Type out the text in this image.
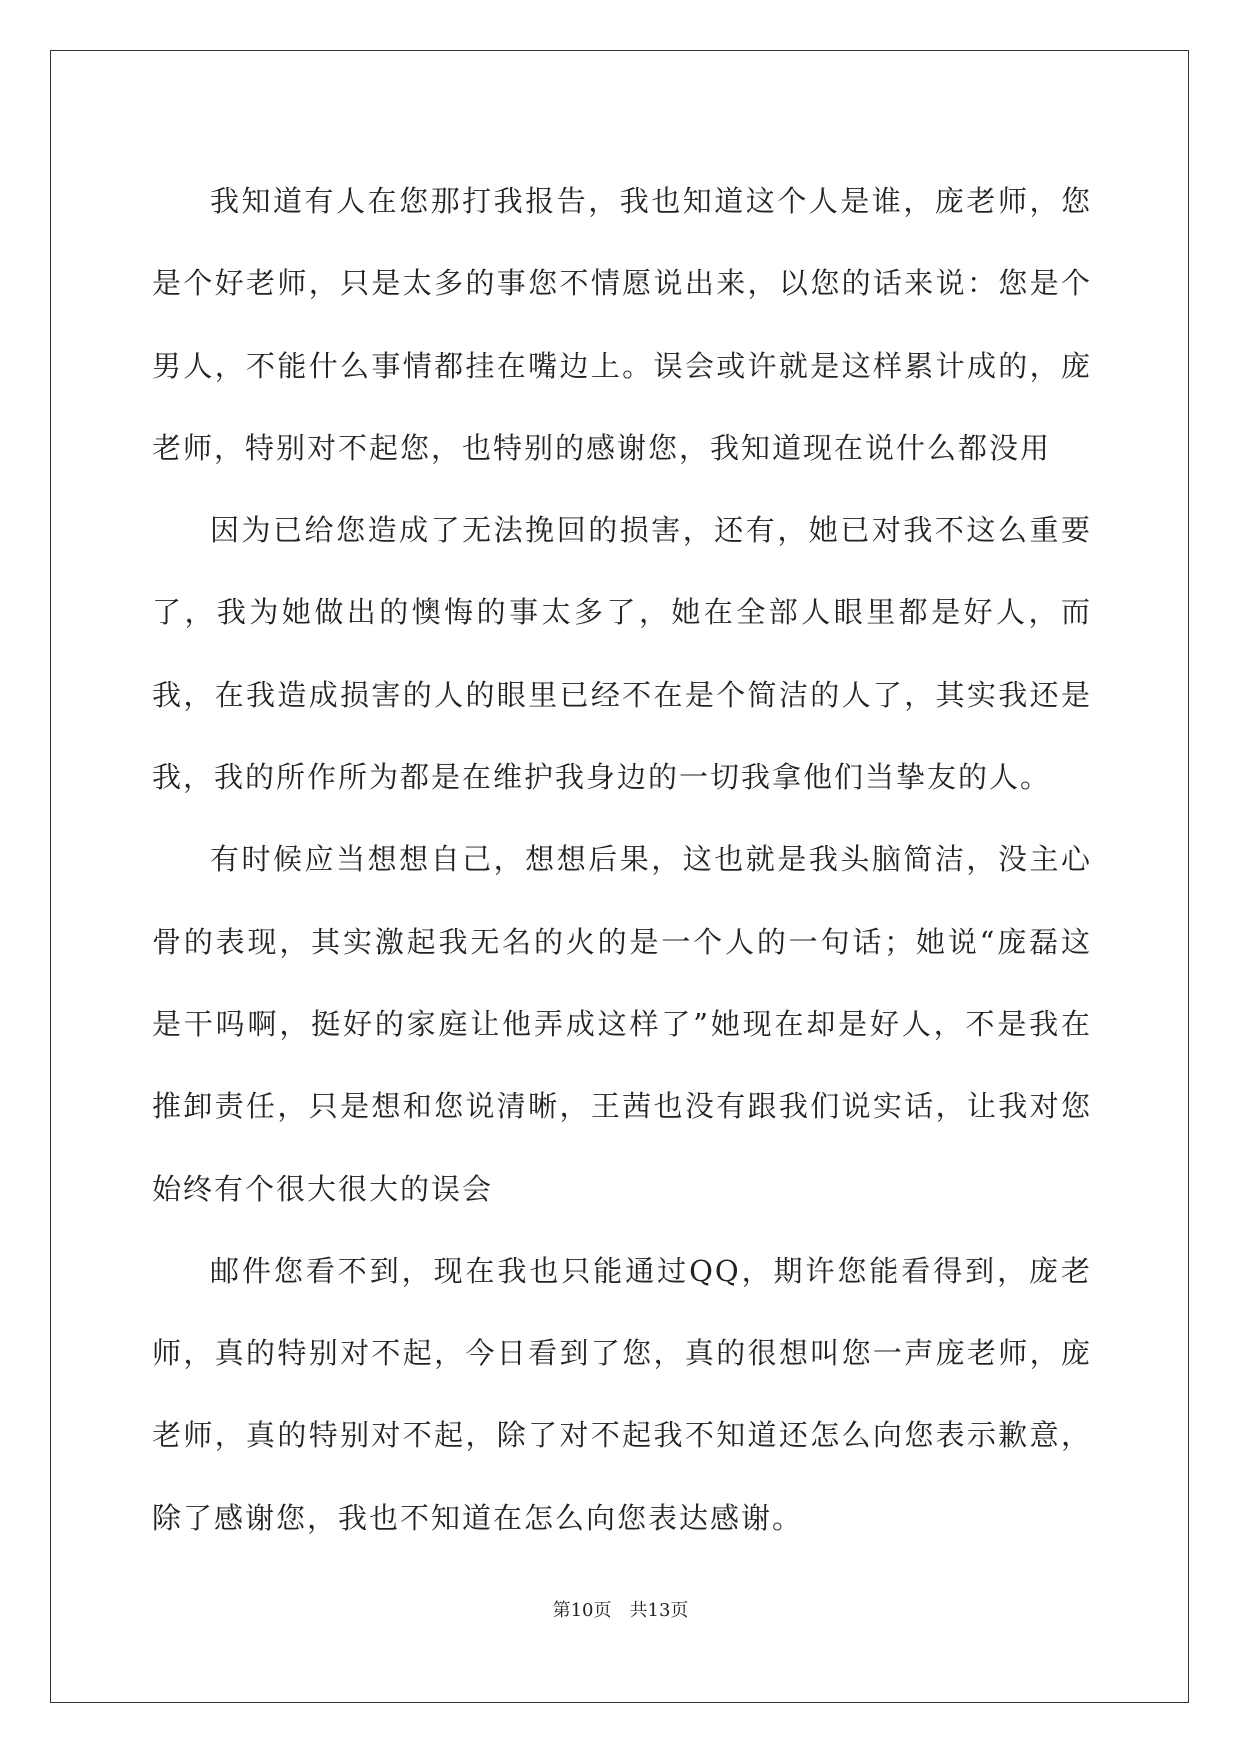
我知道有人在您那打我报告，我也知道这个人是谁，庞老师，您是个好老师，只是太多的事您不情愿说出来，以您的话来说：您是个男人，不能什么事情都挂在嘴边上。误会或许就是这样累计成的，庞老师，特别对不起您，也特别的感谢您，我知道现在说什么都没用

因为已给您造成了无法挽回的损害，还有，她已对我不这么重要了，我为她做出的懊悔的事太多了，她在全部人眼里都是好人，而我，在我造成损害的人的眼里已经不在是个简洁的人了，其实我还是我，我的所作所为都是在维护我身边的一切我拿他们当挚友的人。

有时候应当想想自己，想想后果，这也就是我头脑简洁，没主心骨的表现，其实激起我无名的火的是一个人的一句话；她说“庞磊这是干吗啊，挺好的家庭让他弄成这样了”她现在却是好人，不是我在推卸责任，只是想和您说清晰，王茜也没有跟我们说实话，让我对您始终有个很大很大的误会

邮件您看不到，现在我也只能通过QQ，期许您能看得到，庞老师，真的特别对不起，今日看到了您，真的很想叫您一声庞老师，庞老师，真的特别对不起，除了对不起我不知道还怎么向您表示歉意，除了感谢您，我也不知道在怎么向您表达感谢。

第10页 共13页
